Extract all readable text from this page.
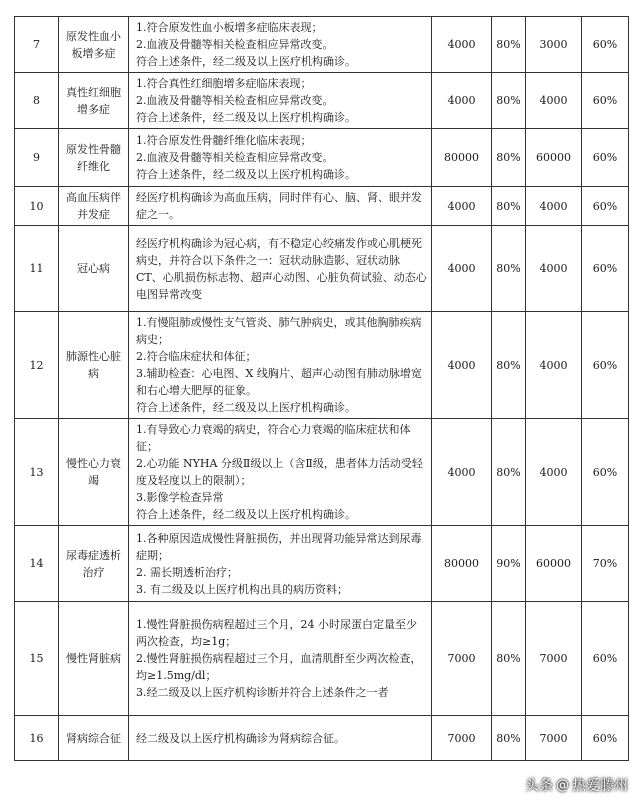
7	原发性血小板增多症	1.符合原发性血小板增多症临床表现；
2.血液及骨髓等相关检查相应异常改变。
符合上述条件，经二级及以上医疗机构确诊。	4000	80%	3000	60%
8	真性红细胞增多症	1.符合真性红细胞增多症临床表现；
2.血液及骨髓等相关检查相应异常改变。
符合上述条件，经二级及以上医疗机构确诊。	4000	80%	4000	60%
9	原发性骨髓纤维化	1.符合原发性骨髓纤维化临床表现；
2.血液及骨髓等相关检查相应异常改变。
符合上述条件，经二级及以上医疗机构确诊。	80000	80%	60000	60%
10	高血压病伴并发症	经医疗机构确诊为高血压病，同时伴有心、脑、肾、眼并发症之一。	4000	80%	4000	60%
11	冠心病	经医疗机构确诊为冠心病，有不稳定心绞痛发作或心肌梗死病史，并符合以下条件之一：冠状动脉造影、冠状动脉 CT、心肌损伤标志物、超声心动图、心脏负荷试验、动态心电图异常改变	4000	80%	4000	60%
12	肺源性心脏病	1.有慢阻肺或慢性支气管炎、肺气肿病史，或其他胸肺疾病病史；
2.符合临床症状和体征；
3.辅助检查：心电图、X 线胸片、超声心动图有肺动脉增宽和右心增大肥厚的征象。
符合上述条件，经二级及以上医疗机构确诊。	4000	80%	4000	60%
13	慢性心力衰竭	1.有导致心力衰竭的病史，符合心力衰竭的临床症状和体征；
2.心功能 NYHA 分级Ⅱ级以上（含Ⅱ级，患者体力活动受轻度及轻度以上的限制）；
3.影像学检查异常
符合上述条件，经二级及以上医疗机构确诊。	4000	80%	4000	60%
14	尿毒症透析治疗	1.各种原因造成慢性肾脏损伤，并出现肾功能异常达到尿毒症期；
2. 需长期透析治疗；
3. 有二级及以上医疗机构出具的病历资料；	80000	90%	60000	70%
15	慢性肾脏病	1.慢性肾脏损伤病程超过三个月，24 小时尿蛋白定量至少两次检查，均≥1g；
2.慢性肾脏损伤病程超过三个月，血清肌酐至少两次检查，均≥1.5mg/dl；
3.经二级及以上医疗机构诊断并符合上述条件之一者	7000	80%	7000	60%
16	肾病综合征	经二级及以上医疗机构确诊为肾病综合征。	7000	80%	7000	60%
头条 @ 热爱滕州
